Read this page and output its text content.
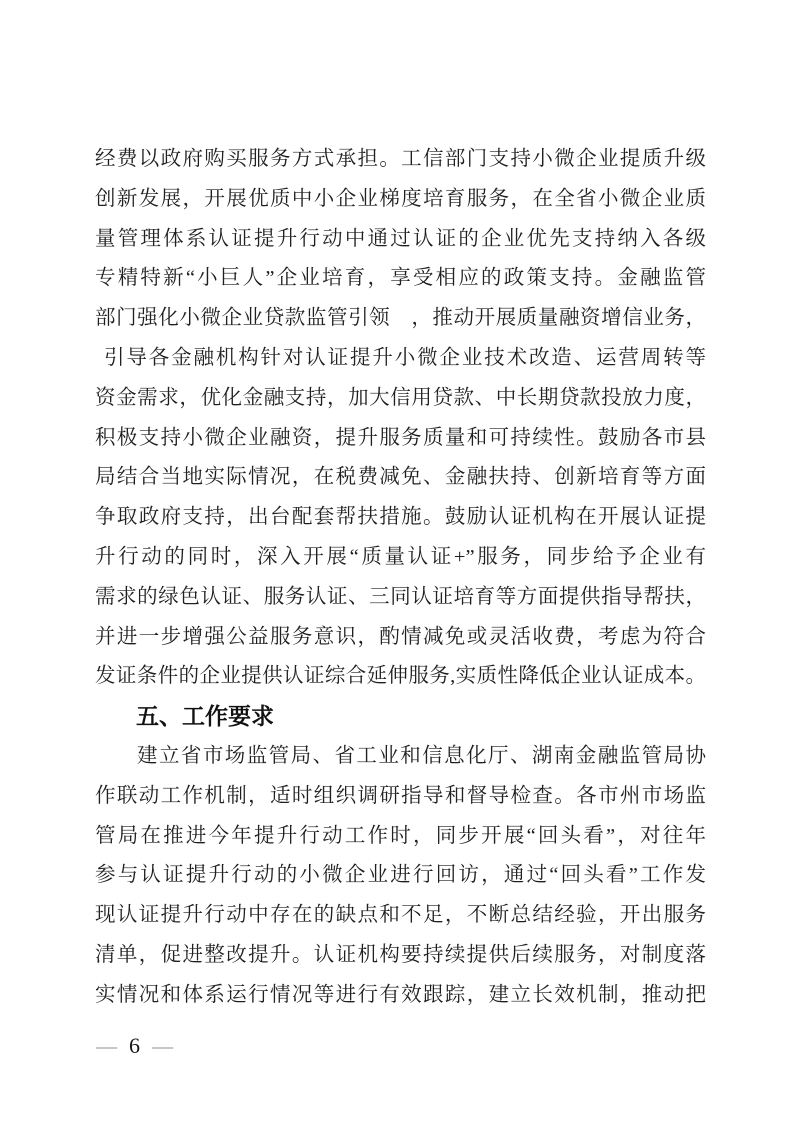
经费以政府购买服务方式承担。工信部门支持小微企业提质升级

创新发展，开展优质中小企业梯度培育服务，在全省小微企业质

量管理体系认证提升行动中通过认证的企业优先支持纳入各级

专精特新“小巨人”企业培育，享受相应的政策支持。金融监管

部门强化小微企业贷款监管引领　，推动开展质量融资增信业务，

引导各金融机构针对认证提升小微企业技术改造、运营周转等

资金需求，优化金融支持，加大信用贷款、中长期贷款投放力度，

积极支持小微企业融资，提升服务质量和可持续性。鼓励各市县

局结合当地实际情况，在税费减免、金融扶持、创新培育等方面

争取政府支持，出台配套帮扶措施。鼓励认证机构在开展认证提

升行动的同时，深入开展“质量认证+”服务，同步给予企业有

需求的绿色认证、服务认证、三同认证培育等方面提供指导帮扶，

并进一步增强公益服务意识，酌情减免或灵活收费，考虑为符合

发证条件的企业提供认证综合延伸服务,实质性降低企业认证成本。

五、工作要求

建立省市场监管局、省工业和信息化厅、湖南金融监管局协

作联动工作机制，适时组织调研指导和督导检查。各市州市场监

管局在推进今年提升行动工作时，同步开展“回头看”，对往年

参与认证提升行动的小微企业进行回访，通过“回头看”工作发

现认证提升行动中存在的缺点和不足，不断总结经验，开出服务

清单，促进整改提升。认证机构要持续提供后续服务，对制度落

实情况和体系运行情况等进行有效跟踪，建立长效机制，推动把

— 6 —
